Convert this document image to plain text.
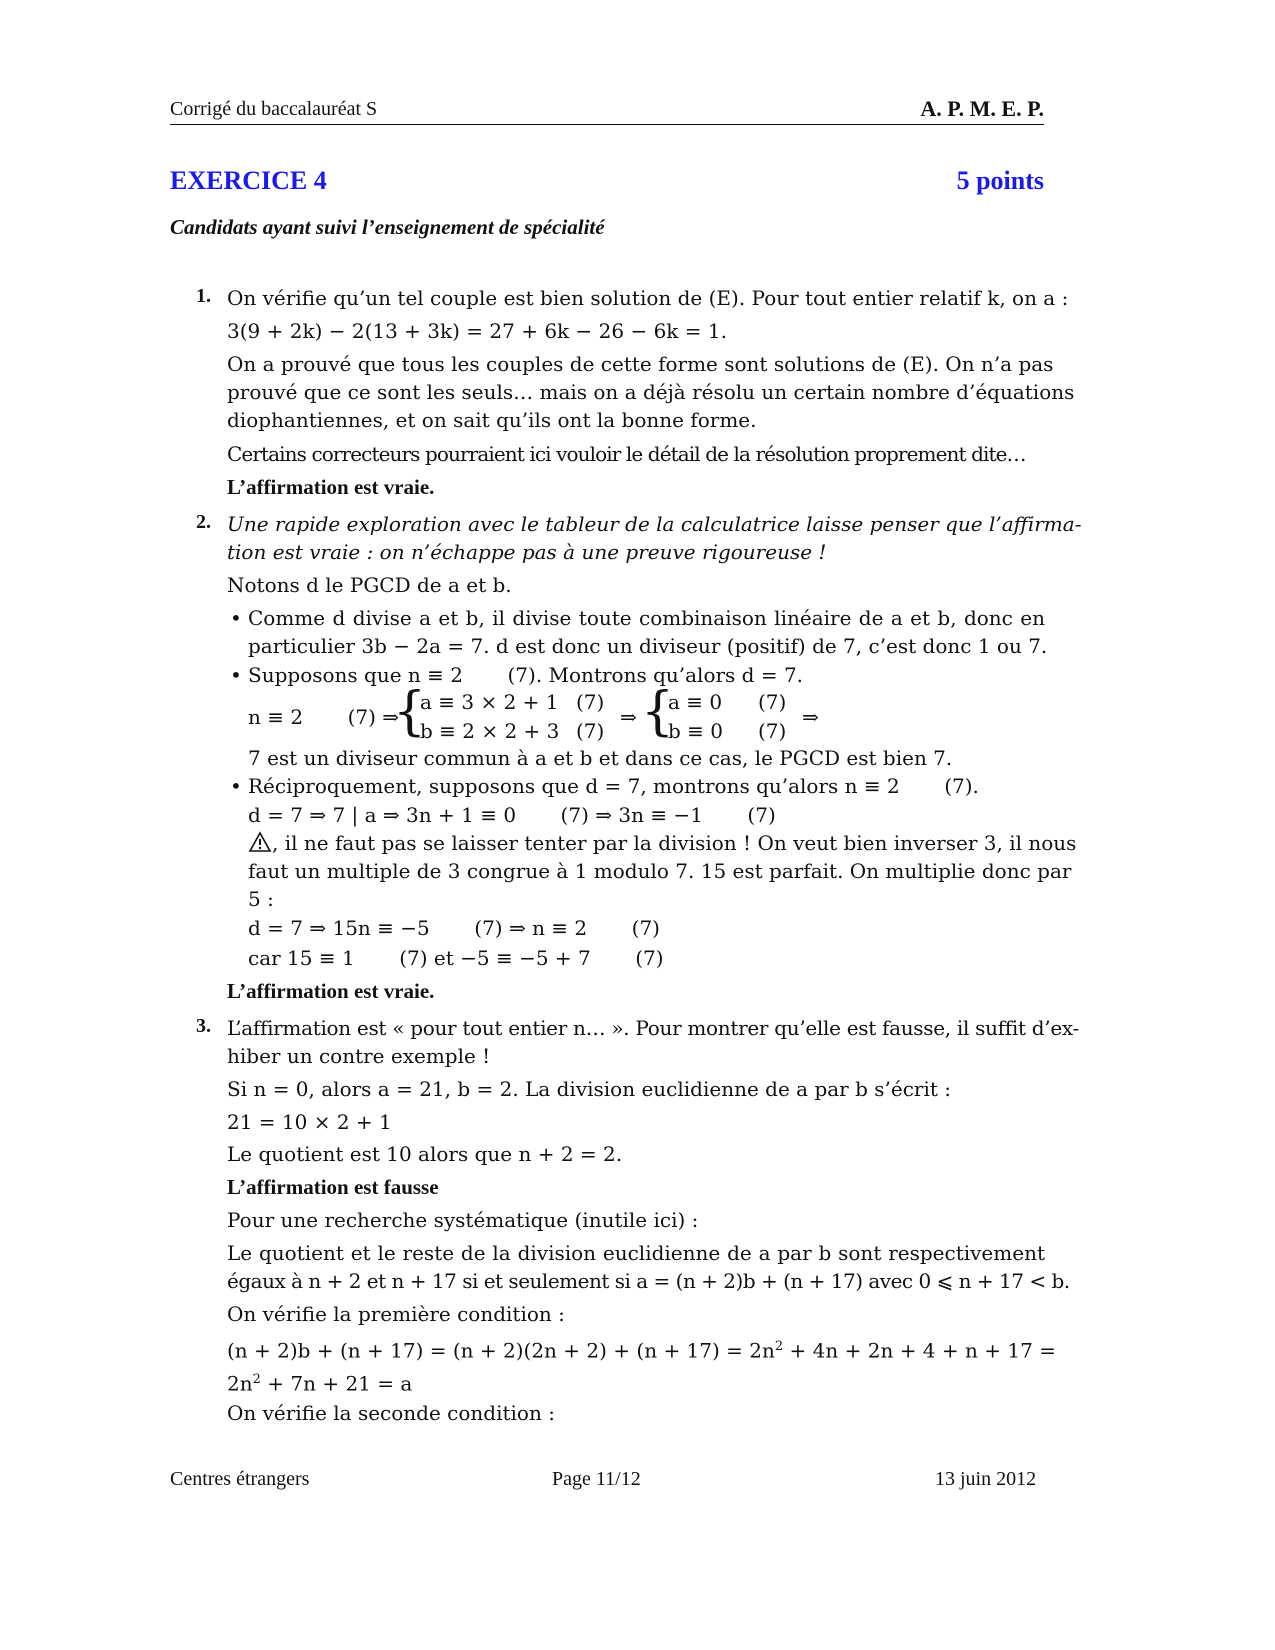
Corrigé du baccalauréat S	A. P. M. E. P.
EXERCICE 4	5 points
Candidats ayant suivi l’enseignement de spécialité
1. On vérifie qu’un tel couple est bien solution de (E). Pour tout entier relatif k, on a :
3(9 + 2k) − 2(13 + 3k) = 27 + 6k − 26 − 6k = 1.
On a prouvé que tous les couples de cette forme sont solutions de (E). On n’a pas
prouvé que ce sont les seuls… mais on a déjà résolu un certain nombre d’équations
diophantiennes, et on sait qu’ils ont la bonne forme.
Certains correcteurs pourraient ici vouloir le détail de la résolution proprement dite…
L’affirmation est vraie.
2. Une rapide exploration avec le tableur de la calculatrice laisse penser que l’affirma-
tion est vraie : on n’échappe pas à une preuve rigoureuse !
Notons d le PGCD de a et b.
• Comme d divise a et b, il divise toute combinaison linéaire de a et b, donc en
particulier 3b − 2a = 7. d est donc un diviseur (positif) de 7, c’est donc 1 ou 7.
• Supposons que n ≡ 2       (7). Montrons qu’alors d = 7.
n ≡ 2       (7) ⇒
{
a ≡ 3 × 2 + 1 (7)
b ≡ 2 × 2 + 3 (7)
⇒ {
a ≡ 0 (7)
b ≡ 0 (7)
⇒
7 est un diviseur commun à a et b et dans ce cas, le PGCD est bien 7.
• Réciproquement, supposons que d = 7, montrons qu’alors n ≡ 2       (7).
d = 7 ⇒ 7 | a ⇒ 3n + 1 ≡ 0       (7) ⇒ 3n ≡ −1       (7)
, il ne faut pas se laisser tenter par la division ! On veut bien inverser 3, il nous
faut un multiple de 3 congrue à 1 modulo 7. 15 est parfait. On multiplie donc par
5 :
d = 7 ⇒ 15n ≡ −5       (7) ⇒ n ≡ 2       (7)
car 15 ≡ 1       (7) et −5 ≡ −5 + 7       (7)
L’affirmation est vraie.
3. L’affirmation est « pour tout entier n… ». Pour montrer qu’elle est fausse, il suffit d’ex-
hiber un contre exemple !
Si n = 0, alors a = 21, b = 2. La division euclidienne de a par b s’écrit :
21 = 10 × 2 + 1
Le quotient est 10 alors que n + 2 = 2.
L’affirmation est fausse
Pour une recherche systématique (inutile ici) :
Le quotient et le reste de la division euclidienne de a par b sont respectivement
égaux à n + 2 et n + 17 si et seulement si a = (n + 2)b + (n + 17) avec 0 ⩽ n + 17 < b.
On vérifie la première condition :
$(n + 2)b + (n + 17) = (n + 2)(2n + 2) + (n + 17) = 2n^2 + 4n + 2n + 4 + n + 17$ =
$2n^2 + 7n + 21 = a$
On vérifie la seconde condition :
Centres étrangers	Page 11/12	13 juin 2012
